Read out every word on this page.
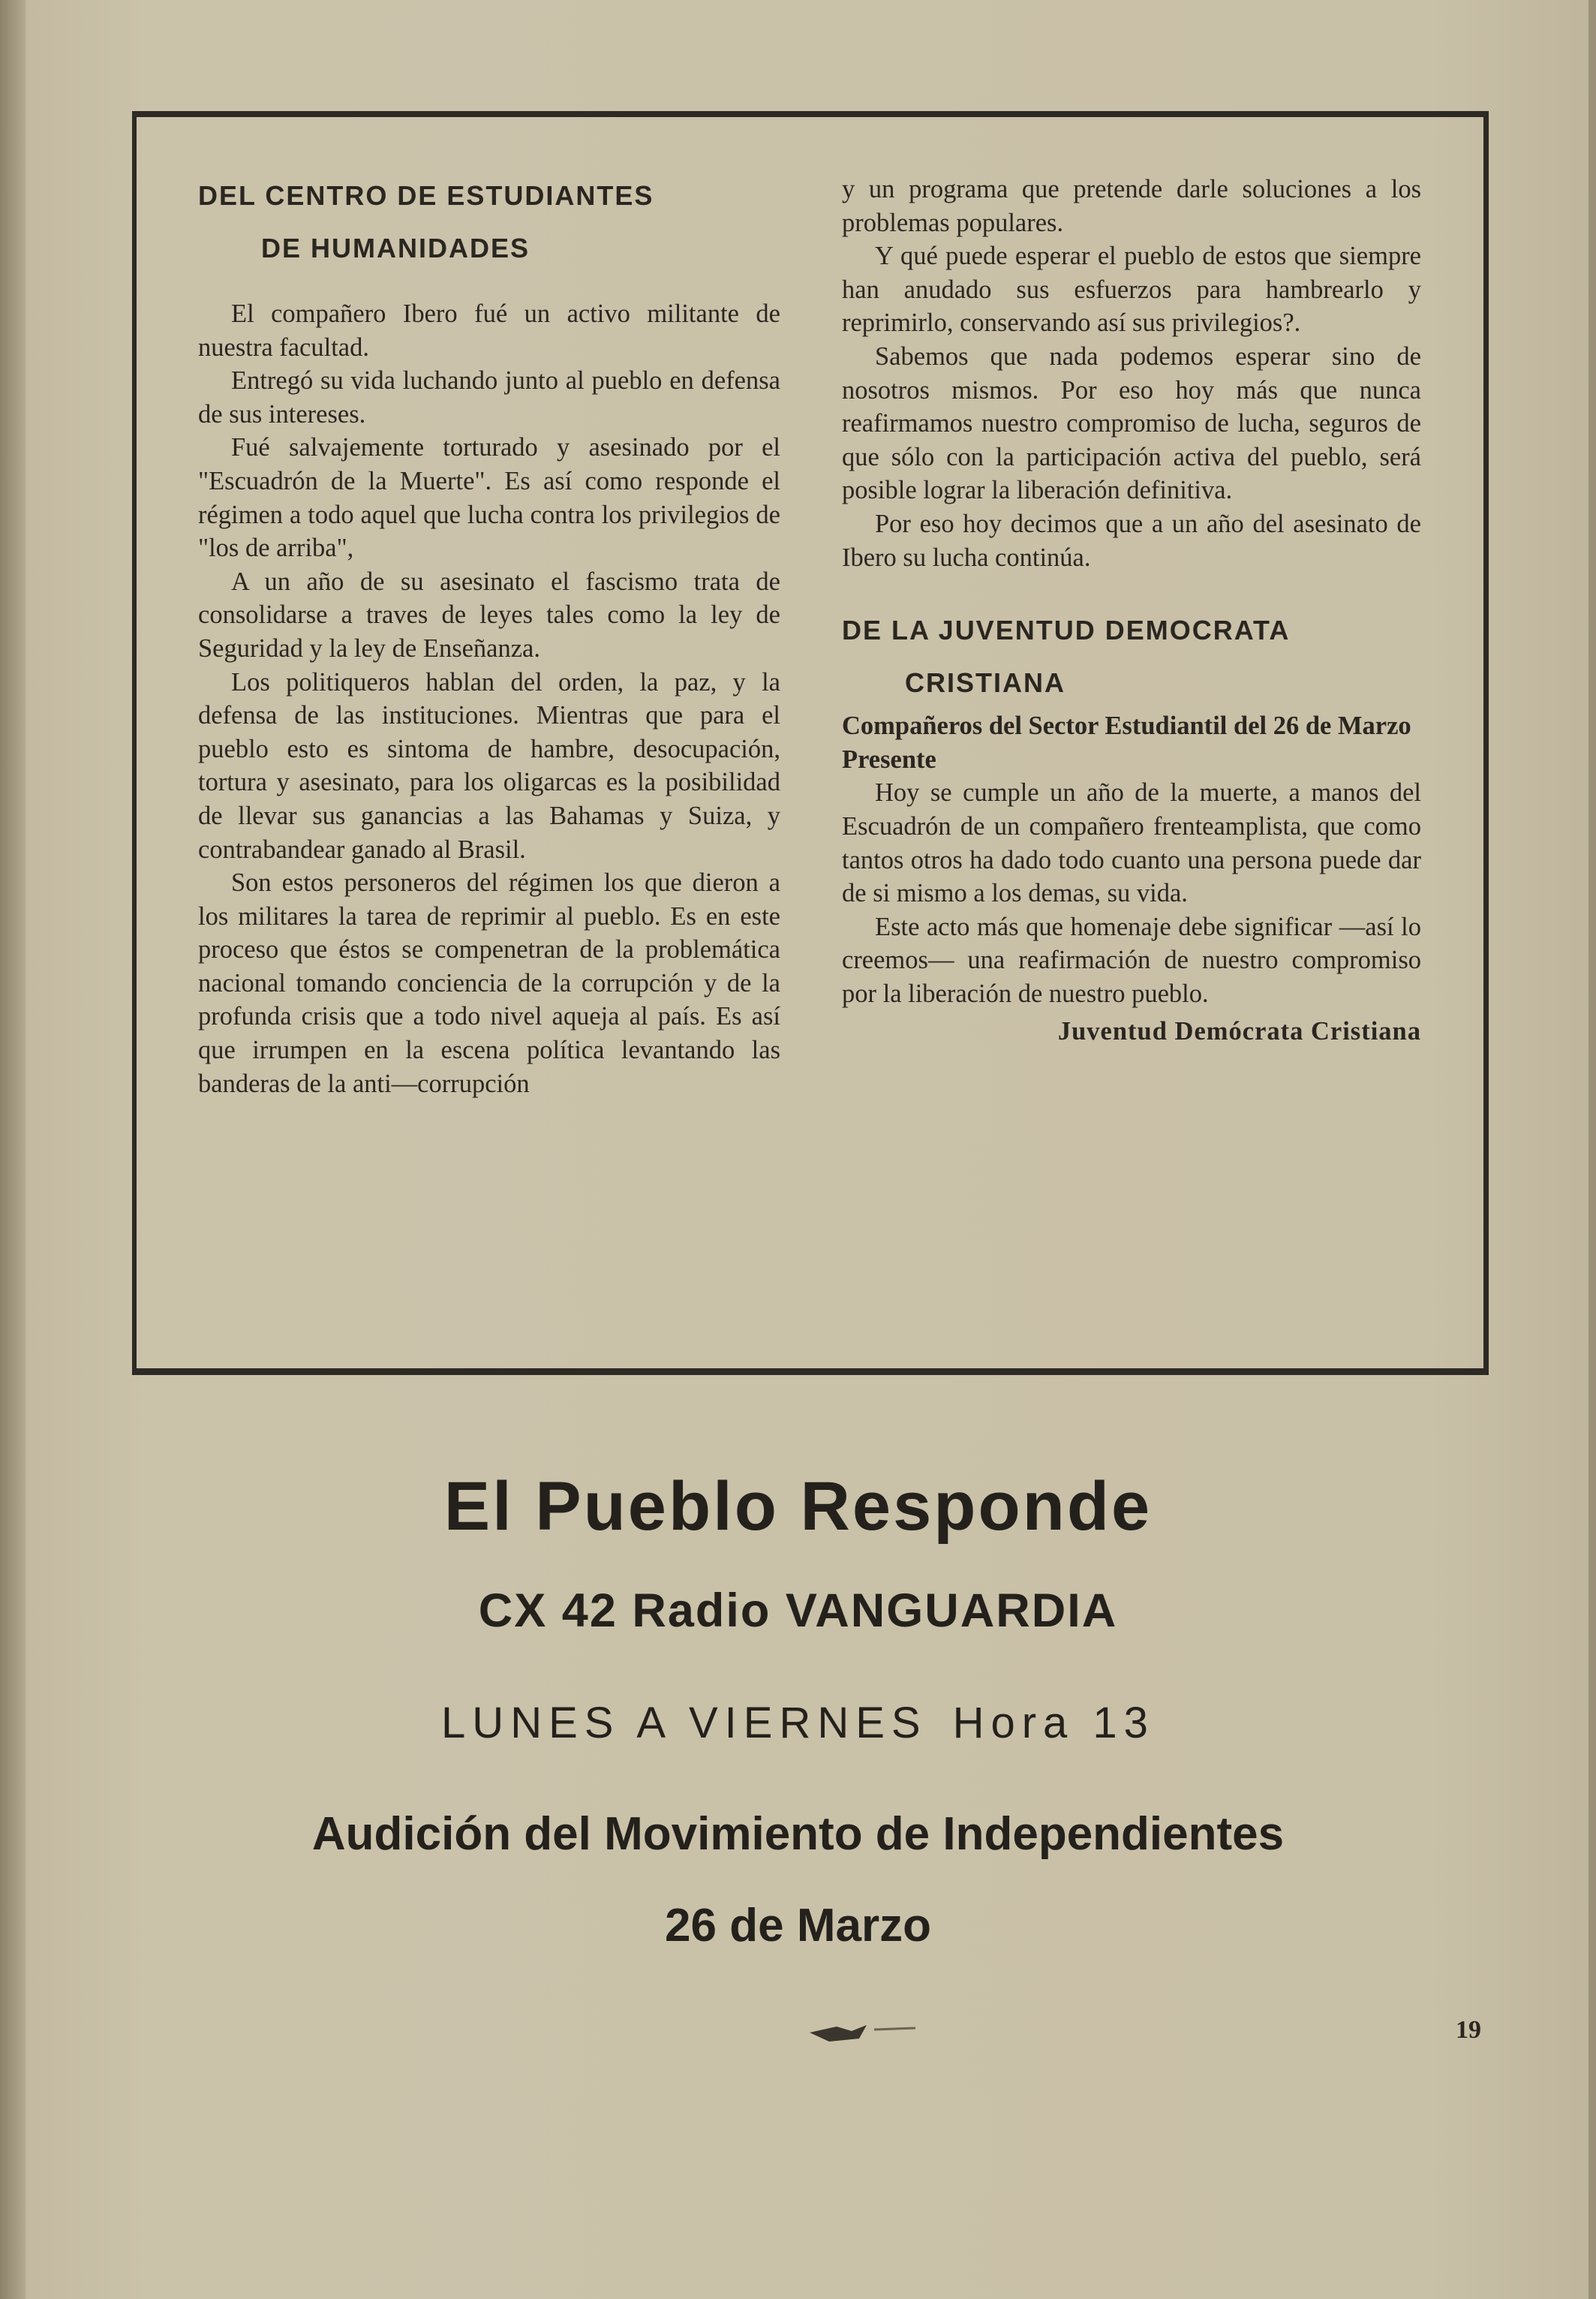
DEL CENTRO DE ESTUDIANTES
DE HUMANIDADES

El compañero Ibero fué un activo militante de nuestra facultad.

Entregó su vida luchando junto al pueblo en defensa de sus intereses.

Fué salvajemente torturado y asesinado por el "Escuadrón de la Muerte". Es así como responde el régimen a todo aquel que lucha contra los privilegios de "los de arriba",

A un año de su asesinato el fascismo trata de consolidarse a traves de leyes tales como la ley de Seguridad y la ley de Enseñanza.

Los politiqueros hablan del orden, la paz, y la defensa de las instituciones. Mientras que para el pueblo esto es sintoma de hambre, desocupación, tortura y asesinato, para los oligarcas es la posibilidad de llevar sus ganancias a las Bahamas y Suiza, y contrabandear ganado al Brasil.

Son estos personeros del régimen los que dieron a los militares la tarea de reprimir al pueblo. Es en este proceso que éstos se compenetran de la problemática nacional tomando conciencia de la corrupción y de la profunda crisis que a todo nivel aqueja al país. Es así que irrumpen en la escena política levantando las banderas de la anti—corrupción

y un programa que pretende darle soluciones a los problemas populares.

Y qué puede esperar el pueblo de estos que siempre han anudado sus esfuerzos para hambrearlo y reprimirlo, conservando así sus privilegios?.

Sabemos que nada podemos esperar sino de nosotros mismos. Por eso hoy más que nunca reafirmamos nuestro compromiso de lucha, seguros de que sólo con la participación activa del pueblo, será posible lograr la liberación definitiva.

Por eso hoy decimos que a un año del asesinato de Ibero su lucha continúa.

DE LA JUVENTUD DEMOCRATA
CRISTIANA

Compañeros del Sector Estudiantil del 26 de Marzo

Presente

Hoy se cumple un año de la muerte, a manos del Escuadrón de un compañero frenteamplista, que como tantos otros ha dado todo cuanto una persona puede dar de si mismo a los demas, su vida.

Este acto más que homenaje debe significar —así lo creemos— una reafirmación de nuestro compromiso por la liberación de nuestro pueblo.

Juventud Demócrata Cristiana
El Pueblo Responde
CX 42 Radio VANGUARDIA
LUNES A VIERNES Hora 13
Audición del Movimiento de Independientes
26 de Marzo
19
